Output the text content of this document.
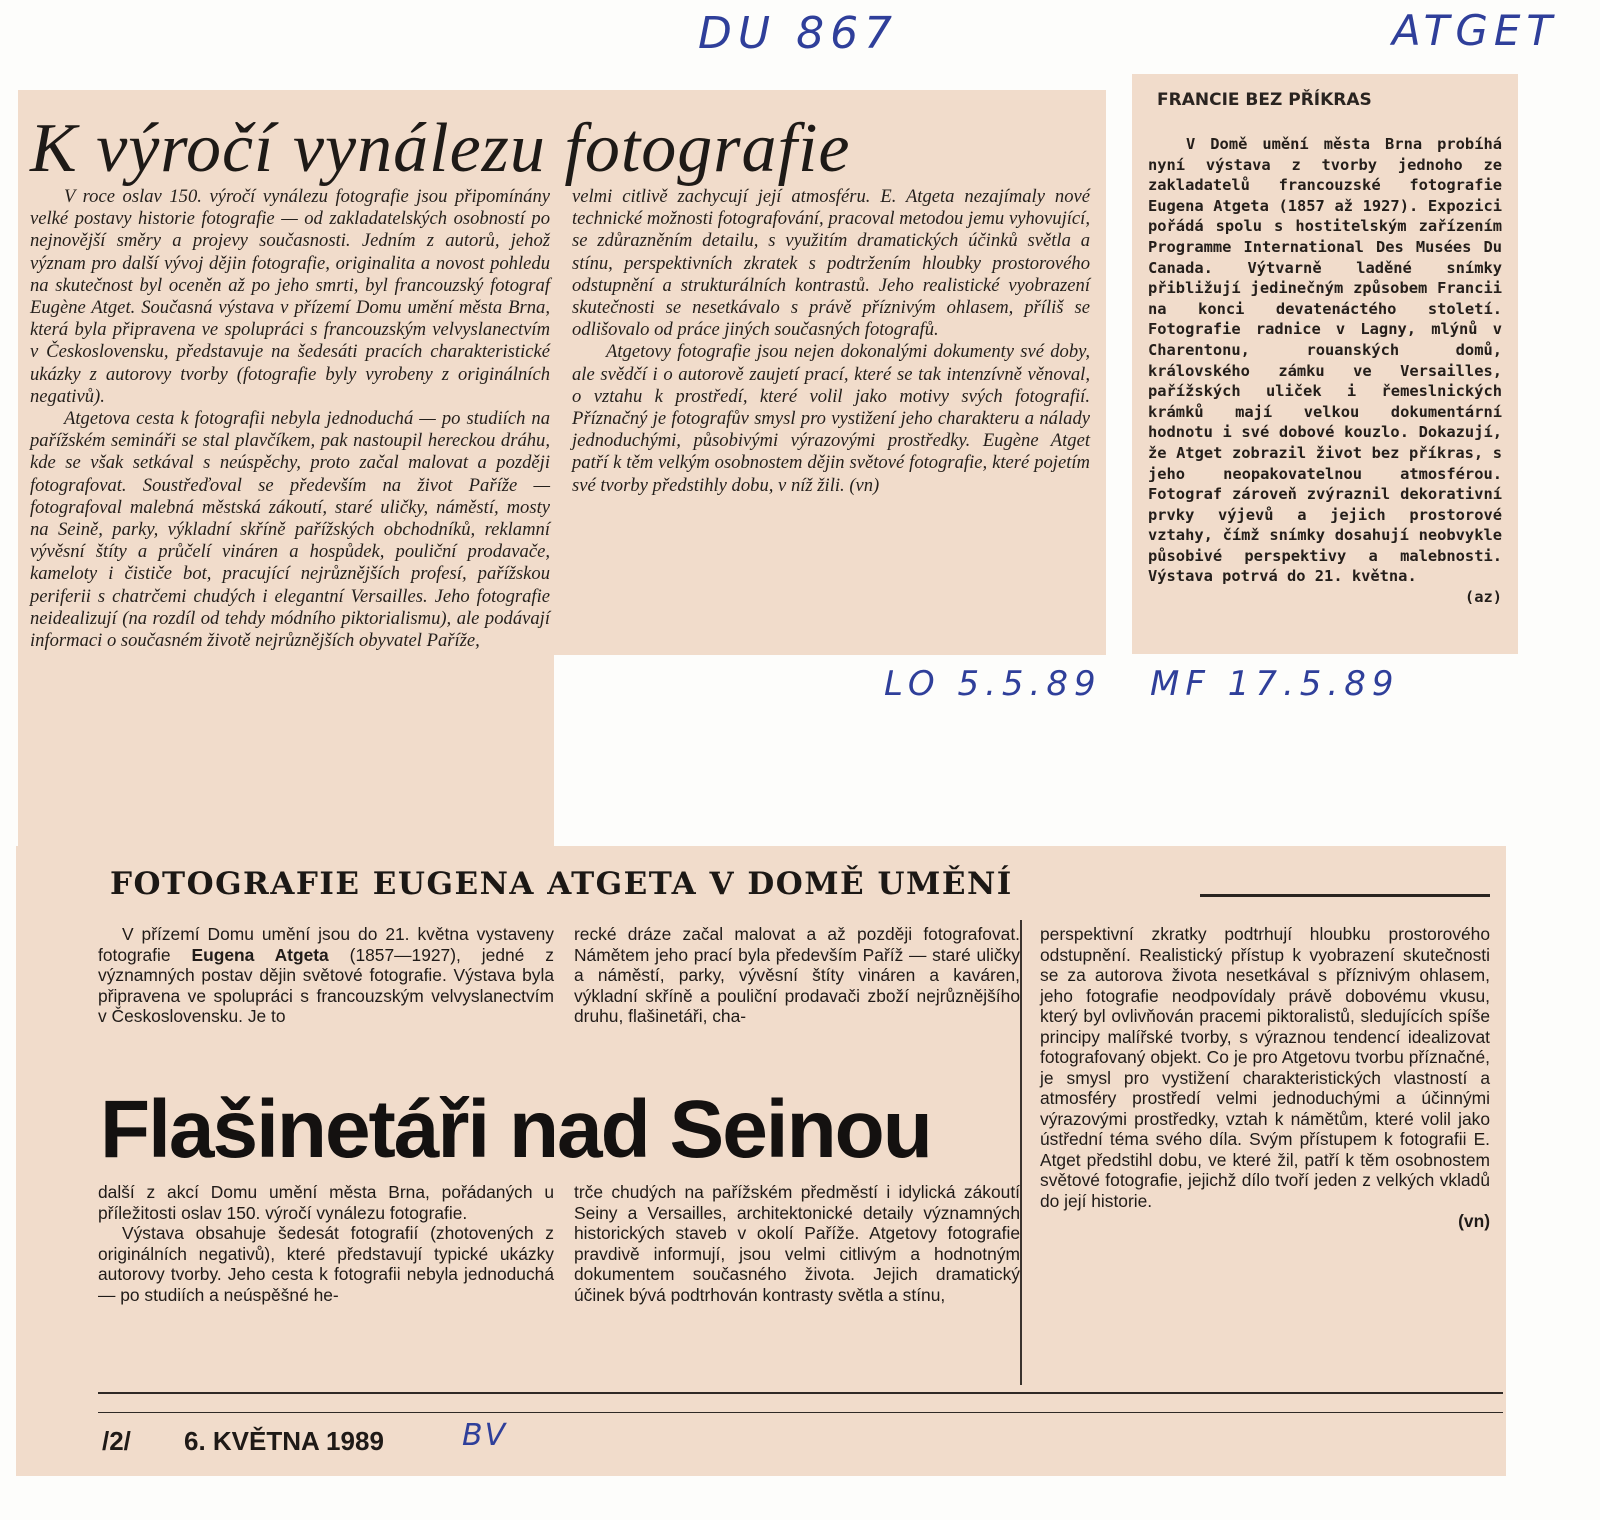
DU 867	ATGET
K výročí vynálezu fotografie

V roce oslav 150. výročí vynálezu fotografie jsou připomínány velké postavy historie fotografie — od zakladatelských osobností po nejnovější směry a projevy současnosti. Jedním z autorů, jehož význam pro další vývoj dějin fotografie, originalita a novost pohledu na skutečnost byl oceněn až po jeho smrti, byl francouzský fotograf Eugène Atget. Současná výstava v přízemí Domu umění města Brna, která byla připravena ve spolupráci s francouzským velvyslanectvím v Československu, představuje na šedesáti pracích charakteristické ukázky z autorovy tvorby (fotografie byly vyrobeny z originálních negativů).

Atgetova cesta k fotografii nebyla jednoduchá — po studiích na pařížském semináři se stal plavčíkem, pak nastoupil hereckou dráhu, kde se však setkával s neúspěchy, proto začal malovat a později fotografovat. Soustřeďoval se především na život Paříže — fotografoval malebná městská zákoutí, staré uličky, náměstí, mosty na Seině, parky, výkladní skříně pařížských obchodníků, reklamní vývěsní štíty a průčelí vináren a hospůdek, pouliční prodavače, kameloty i čističe bot, pracující nejrůznějších profesí, pařížskou periferii s chatrčemi chudých i elegantní Versailles. Jeho fotografie neidealizují (na rozdíl od tehdy módního piktorialismu), ale podávají informaci o současném životě nejrůznějších obyvatel Paříže,

velmi citlivě zachycují její atmosféru. E. Atgeta nezajímaly nové technické možnosti fotografování, pracoval metodou jemu vyhovující, se zdůrazněním detailu, s využitím dramatických účinků světla a stínu, perspektivních zkratek s podtržením hloubky prostorového odstupnění a strukturálních kontrastů. Jeho realistické vyobrazení skutečnosti se nesetkávalo s právě příznivým ohlasem, příliš se odlišovalo od práce jiných současných fotografů.

Atgetovy fotografie jsou nejen dokonalými dokumenty své doby, ale svědčí i o autorově zaujetí prací, které se tak intenzívně věnoval, o vztahu k prostředí, které volil jako motivy svých fotografií. Příznačný je fotografův smysl pro vystižení jeho charakteru a nálady jednoduchými, působivými výrazovými prostředky. Eugène Atget patří k těm velkým osobnostem dějin světové fotografie, které pojetím své tvorby předstihly dobu, v níž žili. (vn)

LO 5.5.89 MF 17.5.89
FRANCIE BEZ PŘÍKRAS

V Domě umění města Brna probíhá nyní výstava z tvorby jednoho ze zakladatelů francouzské fotografie Eugena Atgeta (1857 až 1927). Expozici pořádá spolu s hostitelským zařízením Programme International Des Musées Du Canada. Výtvarně laděné snímky přibližují jedinečným způsobem Francii na konci devatenáctého století. Fotografie radnice v Lagny, mlýnů v Charentonu, rouanských domů, královského zámku ve Versailles, pařížských uliček i řemeslnických krámků mají velkou dokumentární hodnotu i své dobové kouzlo. Dokazují, že Atget zobrazil život bez příkras, s jeho neopakovatelnou atmosférou. Fotograf zároveň zvýraznil dekorativní prvky výjevů a jejich prostorové vztahy, čímž snímky dosahují neobvykle působivé perspektivy a malebnosti. Výstava potrvá do 21. května.

(az)
FOTOGRAFIE EUGENA ATGETA V DOMĚ UMĚNÍ

V přízemí Domu umění jsou do 21. května vystaveny fotografie Eugena Atgeta (1857—1927), jedné z významných postav dějin světové fotografie. Výstava byla připravena ve spolupráci s francouzským velvyslanectvím v Československu. Je to

recké dráze začal malovat a až později fotografovat. Námětem jeho prací byla především Paříž — staré uličky a náměstí, parky, vývěsní štíty vináren a kaváren, výkladní skříně a pouliční prodavači zboží nejrůznějšího druhu, flašinetáři, cha-

Flašinetáři nad Seinou

další z akcí Domu umění města Brna, pořádaných u příležitosti oslav 150. výročí vynálezu fotografie.

Výstava obsahuje šedesát fotografií (zhotovených z originálních negativů), které představují typické ukázky autorovy tvorby. Jeho cesta k fotografii nebyla jednoduchá — po studiích a neúspěšné he-

trče chudých na pařížském předměstí i idylická zákoutí Seiny a Versailles, architektonické detaily významných historických staveb v okolí Paříže. Atgetovy fotografie pravdivě informují, jsou velmi citlivým a hodnotným dokumentem současného života. Jejich dramatický účinek bývá podtrhován kontrasty světla a stínu,

perspektivní zkratky podtrhují hloubku prostorového odstupnění. Realistický přístup k vyobrazení skutečnosti se za autorova života nesetkával s příznivým ohlasem, jeho fotografie neodpovídaly právě dobovému vkusu, který byl ovlivňován pracemi piktoralistů, sledujících spíše principy malířské tvorby, s výraznou tendencí idealizovat fotografovaný objekt. Co je pro Atgetovu tvorbu příznačné, je smysl pro vystižení charakteristických vlastností a atmosféry prostředí velmi jednoduchými a účinnými výrazovými prostředky, vztah k námětům, které volil jako ústřední téma svého díla. Svým přístupem k fotografii E. Atget předstihl dobu, ve které žil, patří k těm osobnostem světové fotografie, jejichž dílo tvoří jeden z velkých vkladů do její historie.

(vn)
/2/ 6. KVĚTNA 1989	BV
